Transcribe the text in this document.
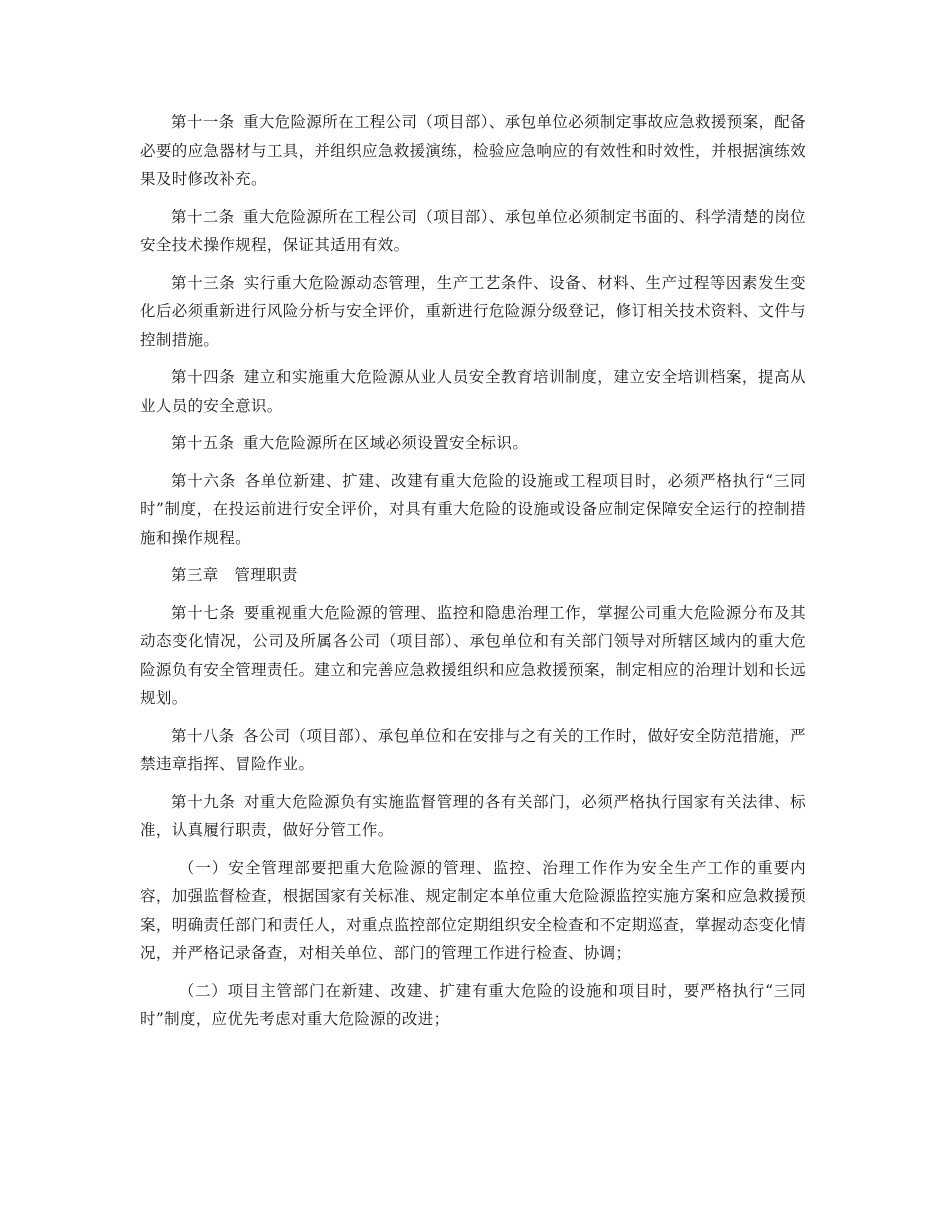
第十一条 重大危险源所在工程公司（项目部）、承包单位必须制定事故应急救援预案，配备必要的应急器材与工具，并组织应急救援演练，检验应急响应的有效性和时效性，并根据演练效果及时修改补充。

第十二条 重大危险源所在工程公司（项目部）、承包单位必须制定书面的、科学清楚的岗位安全技术操作规程，保证其适用有效。

第十三条 实行重大危险源动态管理，生产工艺条件、设备、材料、生产过程等因素发生变化后必须重新进行风险分析与安全评价，重新进行危险源分级登记，修订相关技术资料、文件与控制措施。

第十四条 建立和实施重大危险源从业人员安全教育培训制度，建立安全培训档案，提高从业人员的安全意识。

第十五条 重大危险源所在区域必须设置安全标识。

第十六条 各单位新建、扩建、改建有重大危险的设施或工程项目时，必须严格执行“三同时”制度，在投运前进行安全评价，对具有重大危险的设施或设备应制定保障安全运行的控制措施和操作规程。

第三章   管理职责

第十七条 要重视重大危险源的管理、监控和隐患治理工作，掌握公司重大危险源分布及其动态变化情况，公司及所属各公司（项目部）、承包单位和有关部门领导对所辖区域内的重大危险源负有安全管理责任。建立和完善应急救援组织和应急救援预案，制定相应的治理计划和长远规划。

第十八条 各公司（项目部）、承包单位和在安排与之有关的工作时，做好安全防范措施，严禁违章指挥、冒险作业。

第十九条 对重大危险源负有实施监督管理的各有关部门，必须严格执行国家有关法律、标准，认真履行职责，做好分管工作。

（一）安全管理部要把重大危险源的管理、监控、治理工作作为安全生产工作的重要内容，加强监督检查，根据国家有关标准、规定制定本单位重大危险源监控实施方案和应急救援预案，明确责任部门和责任人，对重点监控部位定期组织安全检查和不定期巡查，掌握动态变化情况，并严格记录备查，对相关单位、部门的管理工作进行检查、协调；

（二）项目主管部门在新建、改建、扩建有重大危险的设施和项目时，要严格执行“三同时”制度，应优先考虑对重大危险源的改进；
